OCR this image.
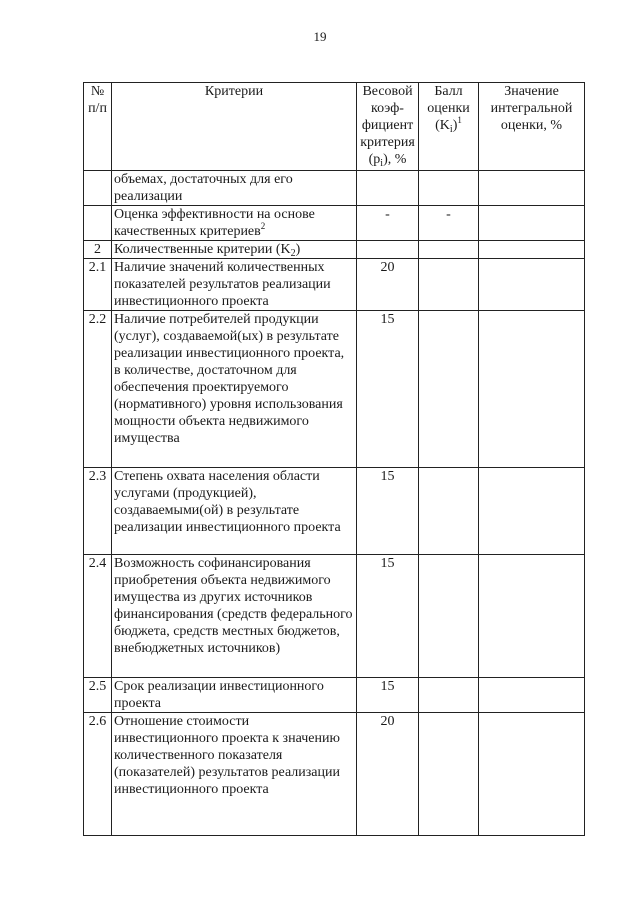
19
№ п/п	Критерии	Весовой коэф-фициент критерия $(p_i)$, %	Балл оценки $(K_i)^1$	Значение интегральной оценки, %
	объемах, достаточных для его реализации			
	Оценка эффективности на основе качественных критериев$^2$	-	-	
2	Количественные критерии $(K_2)$			
2.1	Наличие значений количественных показателей результатов реализации инвестиционного проекта	20		
2.2	Наличие потребителей продукции (услуг), создаваемой(ых) в результате реализации инвестиционного проекта, в количестве, достаточном для обеспечения проектируемого (нормативного) уровня использования мощности объекта недвижимого имущества	15		
2.3	Степень охвата населения области услугами (продукцией), создаваемыми(ой) в результате реализации инвестиционного проекта	15		
2.4	Возможность софинансирования приобретения объекта недвижимого имущества из других источников финансирования (средств федерального бюджета, средств местных бюджетов, внебюджетных источников)	15		
2.5	Срок реализации инвестиционного проекта	15		
2.6	Отношение стоимости инвестиционного проекта к значению количественного показателя (показателей) результатов реализации инвестиционного проекта	20		
